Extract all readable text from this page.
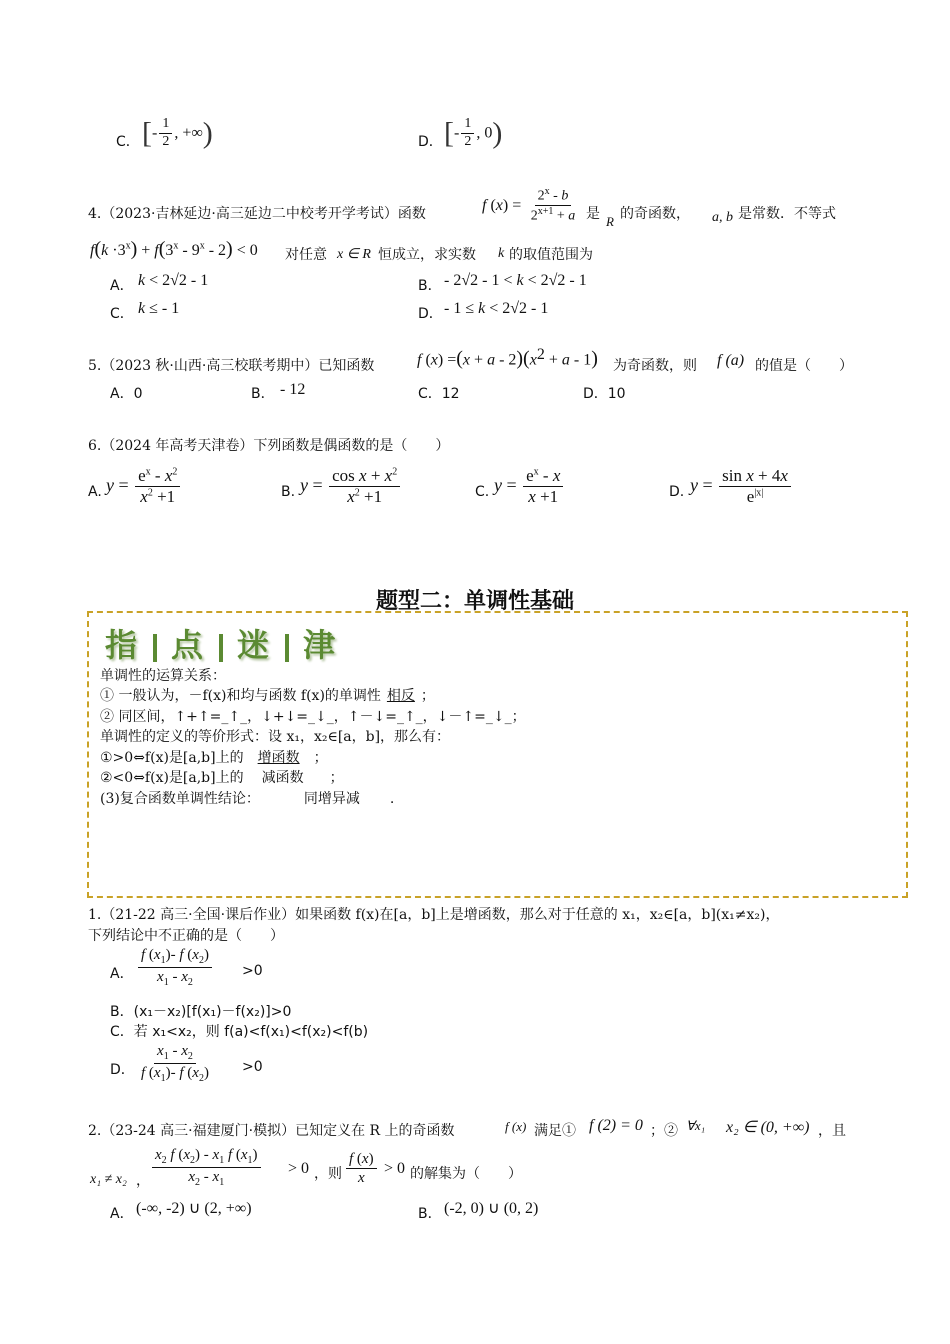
C． [- $\frac{1}{2}$ , +∞)	D． [- $\frac{1}{2}$ , 0)
4.（2023·吉林延边·高三延边二中校考开学考试）函数
f $(x) = \frac{2^x - b}{2^{x+1} + a}$ 是 R 的奇函数， a, b 是常数．不等式
$f(k \cdot 3^x) + f(3^x - 9^x - 2) < 0$ 对任意 x ∈ R 恒成立，求实数 k 的取值范围为
A． k < 2√2 - 1	B． - 2√2 - 1 < k < 2√2 - 1
C． k ≤ - 1	D． - 1 ≤ k < 2√2 - 1
5.（2023 秋·山西·高三校联考期中）已知函数	f $(x) =(x + a - 2)(x^2 + a - 1)$ 为奇函数，则 f (a) 的值是（　　）
A．0	B． - 12	C．12	D．10
6.（2024 年高考天津卷）下列函数是偶函数的是（　　）
A. $y = \frac{e^x - x^2}{x^2 +1}$	B. $y = \frac{\cos x + x^2}{x^2 +1}$	C. $y = \frac{e^x - x}{x +1}$	D. $y = \frac{\text{sin x + 4x}}{e^{|x|}}$
题型二：单调性基础
指 点 迷 津
单调性的运算关系：
① 一般认为，－f(x)和均与函数 f(x)的单调性 相反 ；
② 同区间，↑+↑=_↑_，↓+↓=_↓_，↑－↓=_↑_，↓－↑=_↓_；
单调性的定义的等价形式：设 x₁，x₂∈[a，b]，那么有：
①>0⇔f(x)是[a,b]上的 增函数 ；
②<0⇔f(x)是[a,b]上的 减函数 ；
(3)复合函数单调性结论：	同增异减 .
1.（21-22 高三·全国·课后作业）如果函数 f(x)在[a，b]上是增函数，那么对于任意的 x₁，x₂∈[a，b](x₁≠x₂)，
下列结论中不正确的是（　　）
A． $\frac{f (x_1)- f (x_2)}{x_1 - x_2} >0$
B．(x₁－x₂)[f(x₁)－f(x₂)]>0
C．若 x₁<x₂，则 f(a)<f(x₁)<f(x₂)<f(b)
D． $\frac{x_1 - x_2}{f (x_1)- f (x_2)} >0$
2.（23-24 高三·福建厦门·模拟）已知定义在 R 上的奇函数	f (x) 满足① f (2) = 0 ；② ∀x₁ x₂ ∈ (0, +∞) ，且
x₁ ≠ x₂ ， $\frac{x_2 f (x_2) - x_1 f (x_1)}{x_2 - x_1} > 0$ ，则 $\frac{f (x)}{x} > 0$ 的解集为（　　）
A． (-∞, -2) ∪ (2, +∞)	B． (-2, 0) ∪ (0, 2)
